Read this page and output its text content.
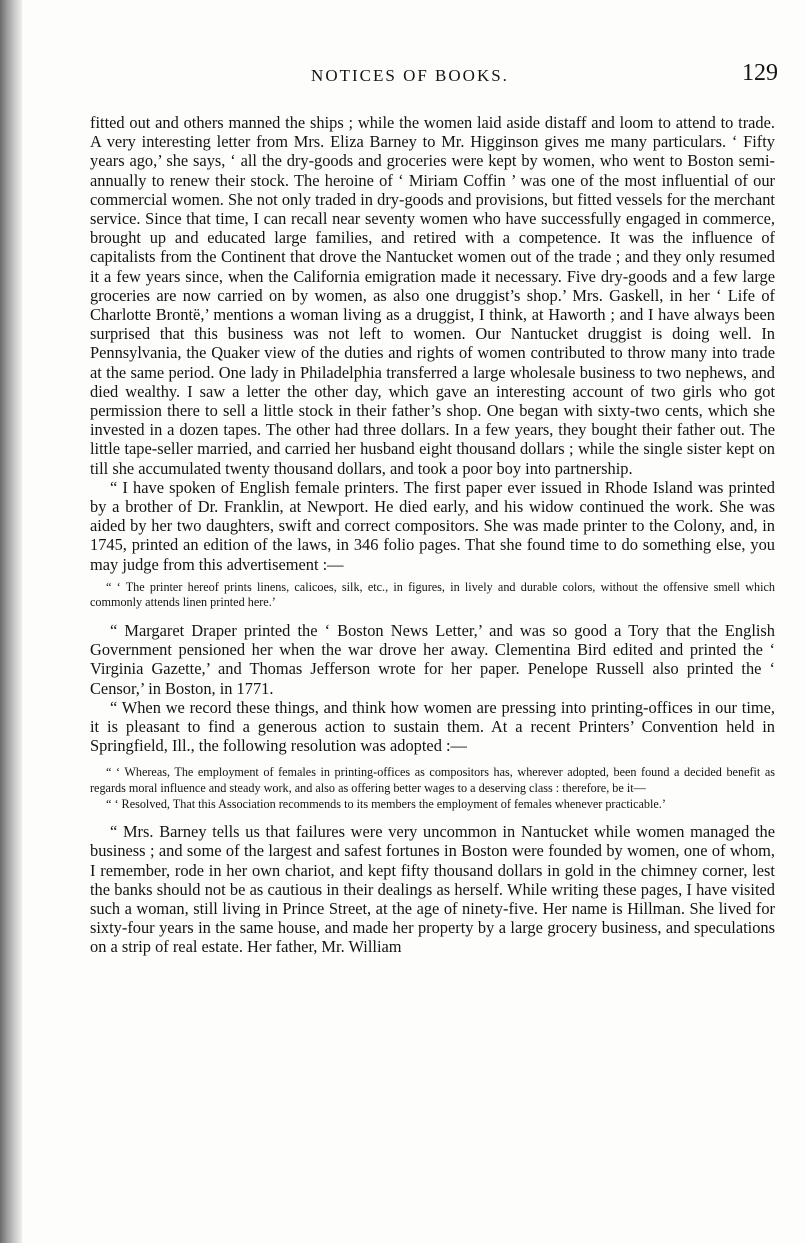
NOTICES OF BOOKS.	129

fitted out and others manned the ships ; while the women laid aside distaff and loom to attend to trade. A very interesting letter from Mrs. Eliza Barney to Mr. Higginson gives me many particulars. ‘ Fifty years ago,’ she says, ‘ all the dry-goods and groceries were kept by women, who went to Boston semi-annually to renew their stock. The heroine of ‘ Miriam Coffin ’ was one of the most influential of our commercial women. She not only traded in dry-goods and provisions, but fitted vessels for the merchant service. Since that time, I can recall near seventy women who have successfully engaged in commerce, brought up and educated large families, and retired with a competence. It was the influence of capitalists from the Continent that drove the Nantucket women out of the trade ; and they only resumed it a few years since, when the California emigration made it necessary. Five dry-goods and a few large groceries are now carried on by women, as also one druggist’s shop.’ Mrs. Gaskell, in her ‘ Life of Charlotte Brontë,’ mentions a woman living as a druggist, I think, at Haworth ; and I have always been surprised that this business was not left to women. Our Nantucket druggist is doing well. In Pennsylvania, the Quaker view of the duties and rights of women contributed to throw many into trade at the same period. One lady in Philadelphia transferred a large wholesale business to two nephews, and died wealthy. I saw a letter the other day, which gave an interesting account of two girls who got permission there to sell a little stock in their father’s shop. One began with sixty-two cents, which she invested in a dozen tapes. The other had three dollars. In a few years, they bought their father out. The little tape-seller married, and carried her husband eight thousand dollars ; while the single sister kept on till she accumulated twenty thousand dollars, and took a poor boy into partnership.

“ I have spoken of English female printers. The first paper ever issued in Rhode Island was printed by a brother of Dr. Franklin, at Newport. He died early, and his widow continued the work. She was aided by her two daughters, swift and correct compositors. She was made printer to the Colony, and, in 1745, printed an edition of the laws, in 346 folio pages. That she found time to do something else, you may judge from this advertisement :—

“ ‘ The printer hereof prints linens, calicoes, silk, etc., in figures, in lively and durable colors, without the offensive smell which commonly attends linen printed here.’

“ Margaret Draper printed the ‘ Boston News Letter,’ and was so good a Tory that the English Government pensioned her when the war drove her away. Clementina Bird edited and printed the ‘ Virginia Gazette,’ and Thomas Jefferson wrote for her paper. Penelope Russell also printed the ‘ Censor,’ in Boston, in 1771.

“ When we record these things, and think how women are pressing into printing-offices in our time, it is pleasant to find a generous action to sustain them. At a recent Printers’ Convention held in Springfield, Ill., the following resolution was adopted :—

“ ‘ Whereas, The employment of females in printing-offices as compositors has, wherever adopted, been found a decided benefit as regards moral influence and steady work, and also as offering better wages to a deserving class : therefore, be it—

“ ‘ Resolved, That this Association recommends to its members the employment of females whenever practicable.’

“ Mrs. Barney tells us that failures were very uncommon in Nantucket while women managed the business ; and some of the largest and safest fortunes in Boston were founded by women, one of whom, I remember, rode in her own chariot, and kept fifty thousand dollars in gold in the chimney corner, lest the banks should not be as cautious in their dealings as herself. While writing these pages, I have visited such a woman, still living in Prince Street, at the age of ninety-five. Her name is Hillman. She lived for sixty-four years in the same house, and made her property by a large grocery business, and speculations on a strip of real estate. Her father, Mr. William
